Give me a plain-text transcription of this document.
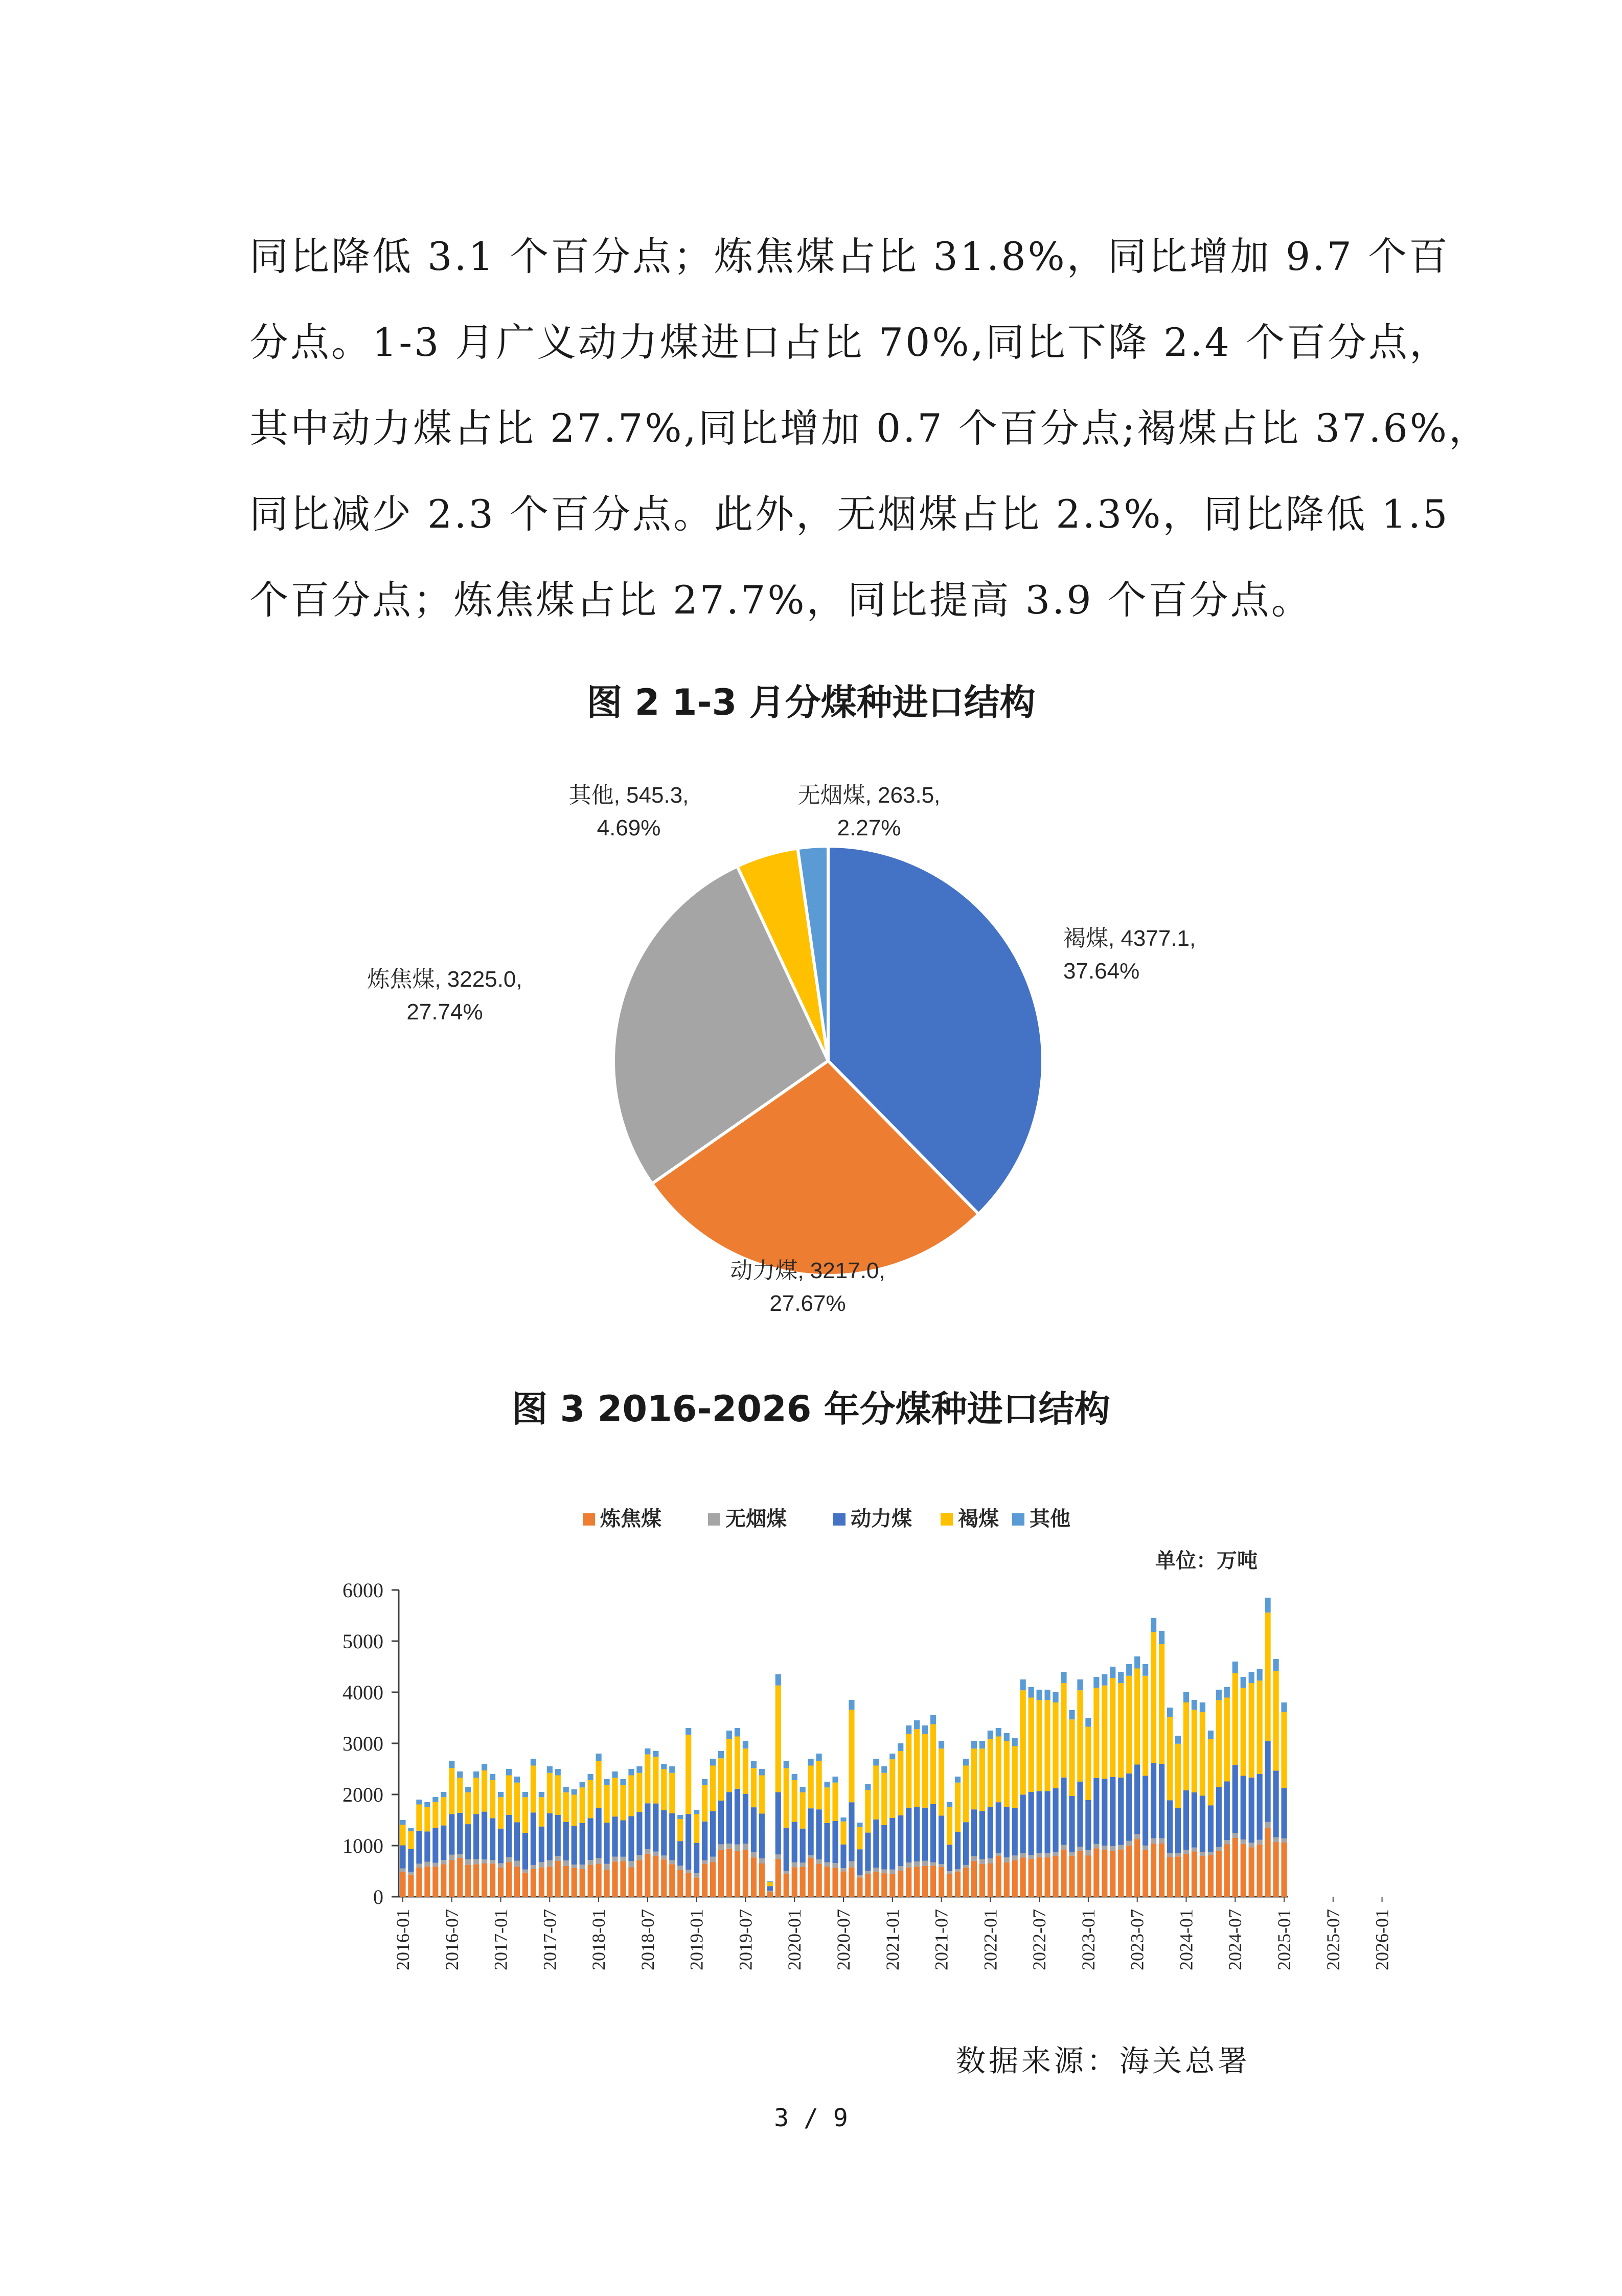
同比降低 3.1 个百分点；炼焦煤占比 31.8%，同比增加 9.7 个百
分点。1-3 月广义动力煤进口占比 70%,同比下降 2.4 个百分点，
其中动力煤占比 27.7%,同比增加 0.7 个百分点;褐煤占比 37.6%，
同比减少 2.3 个百分点。此外，无烟煤占比 2.3%，同比降低 1.5
个百分点；炼焦煤占比 27.7%，同比提高 3.9 个百分点。
图 2 1-3 月分煤种进口结构
褐煤, 4377.1, 37.64%
动力煤, 3217.0, 27.67%
炼焦煤, 3225.0, 27.74%
其他, 545.3, 4.69%
无烟煤, 263.5, 2.27%
图 3 2016-2026 年分煤种进口结构
0
1000
2000
3000
4000
5000
6000
2016-01 2016-07 2017-01 2017-07 2018-01 2018-07 2019-01 2019-07 2020-01 2020-07 2021-01 2021-07 2022-01 2022-07 2023-01 2023-07 2024-01 2024-07 2025-01 2025-07 2026-01
炼焦煤	无烟煤	动力煤 褐煤 其他
单位：万吨
数据来源：海关总署
3 / 9
